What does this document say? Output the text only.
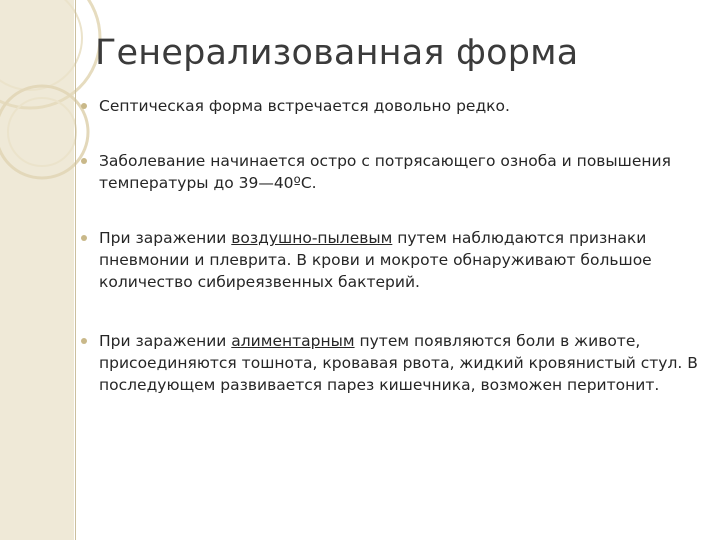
Генерализованная форма
Септическая форма встречается довольно редко.
Заболевание начинается остро с потрясающего озноба и повышения температуры до 39—40ºC.
При заражении воздушно-пылевым путем наблюдаются признаки пневмонии и плеврита. В крови и мокроте обнаруживают большое количество сибиреязвенных бактерий.
При заражении алиментарным путем появляются боли в животе, присоединяются тошнота, кровавая рвота, жидкий кровянистый стул. В последующем развивается парез кишечника, возможен перитонит.
